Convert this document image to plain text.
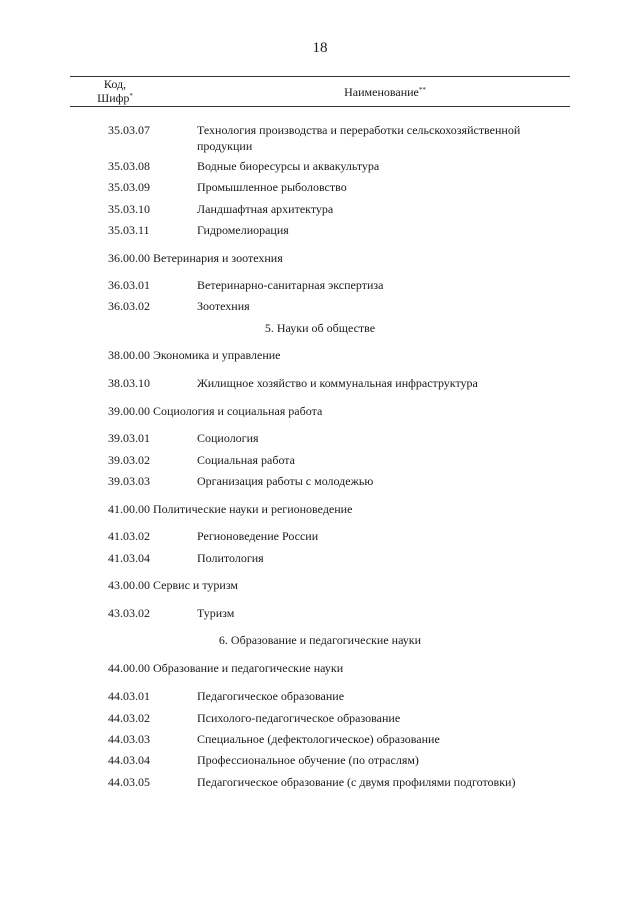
18
Код,
Шифр*	Наименование**
35.03.07	Технология производства и переработки сельскохозяйственной продукции
35.03.08	Водные биоресурсы и аквакультура
35.03.09	Промышленное рыболовство
35.03.10	Ландшафтная архитектура
35.03.11	Гидромелиорация
36.00.00 Ветеринария и зоотехния
36.03.01	Ветеринарно-санитарная экспертиза
36.03.02	Зоотехния
5. Науки об обществе
38.00.00 Экономика и управление
38.03.10	Жилищное хозяйство и коммунальная инфраструктура
39.00.00 Социология и социальная работа
39.03.01	Социология
39.03.02	Социальная работа
39.03.03	Организация работы с молодежью
41.00.00 Политические науки и регионоведение
41.03.02	Регионоведение России
41.03.04	Политология
43.00.00 Сервис и туризм
43.03.02	Туризм
6. Образование и педагогические науки
44.00.00 Образование и педагогические науки
44.03.01	Педагогическое образование
44.03.02	Психолого-педагогическое образование
44.03.03	Специальное (дефектологическое) образование
44.03.04	Профессиональное обучение (по отраслям)
44.03.05	Педагогическое образование (с двумя профилями подготовки)
